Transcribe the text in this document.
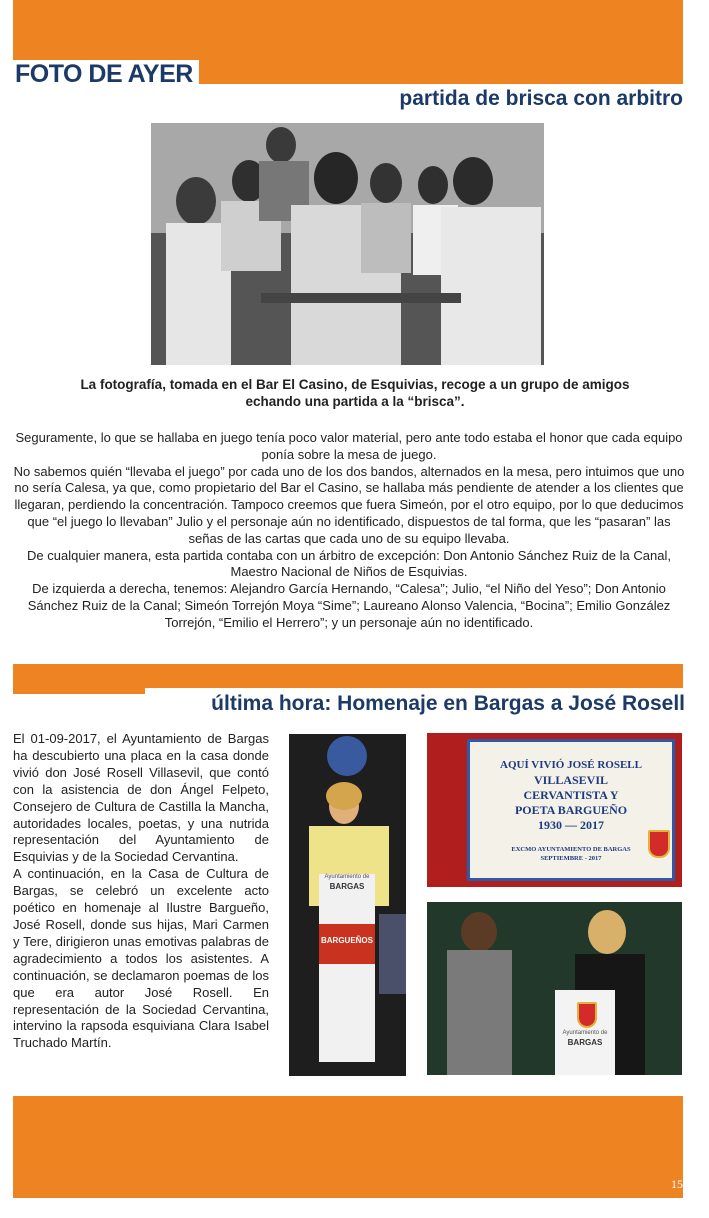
FOTO DE AYER
partida de brisca con arbitro
La fotografía, tomada en el Bar El Casino, de Esquivias, recoge a un grupo de amigos
echando una partida a la “brisca”.

Seguramente, lo que se hallaba en juego tenía poco valor material, pero ante todo estaba el honor que cada equipo ponía sobre la mesa de juego.

No sabemos quién “llevaba el juego” por cada uno de los dos bandos, alternados en la mesa, pero intuimos que uno no sería Calesa, ya que, como propietario del Bar el Casino, se hallaba más pendiente de atender a los clientes que llegaran, perdiendo la concentración. Tampoco creemos que fuera Simeón, por el otro equipo, por lo que deducimos que “el juego lo llevaban” Julio y el personaje aún no identificado, dispuestos de tal forma, que les “pasaran” las señas de las cartas que cada uno de su equipo llevaba.

De cualquier manera, esta partida contaba con un árbitro de excepción: Don Antonio Sánchez Ruiz de la Canal, Maestro Nacional de Niños de Esquivias.

De izquierda a derecha, tenemos: Alejandro García Hernando, “Calesa”; Julio, “el Niño del Yeso”; Don Antonio Sánchez Ruiz de la Canal; Simeón Torrejón Moya “Sime”; Laureano Alonso Valencia, “Bocina”; Emilio González Torrejón, “Emilio el Herrero”; y un personaje aún no identificado.

última hora: Homenaje en Bargas a José Rosell

El 01-09-2017, el Ayuntamiento de Bargas ha descubierto una placa en la casa donde vivió don José Rosell Villasevil, que contó con la asistencia de don Ángel Felpeto, Consejero de Cultura de Castilla la Mancha, autoridades locales, poetas, y una nutrida representación del Ayuntamiento de Esquivias y de la Sociedad Cervantina.

A continuación, en la Casa de Cultura de Bargas, se celebró un excelente acto poético en homenaje al Ilustre Bargueño, José Rosell, donde sus hijas, Mari Carmen y Tere, dirigieron unas emotivas palabras de agradecimiento a todos los asistentes. A continuación, se declamaron poemas de los que era autor José Rosell. En representación de la Sociedad Cervantina, intervino la rapsoda esquiviana Clara Isabel Truchado Martín.

Ayuntamiento de
BARGAS
BARGUEÑOS
AQUÍ VIVIÓ JOSÉ ROSELL
VILLASEVIL
CERVANTISTA Y
POETA BARGUEÑO
1930 — 2017
EXCMO AYUNTAMIENTO DE BARGAS
SEPTIEMBRE - 2017
Ayuntamiento de
BARGAS
15
